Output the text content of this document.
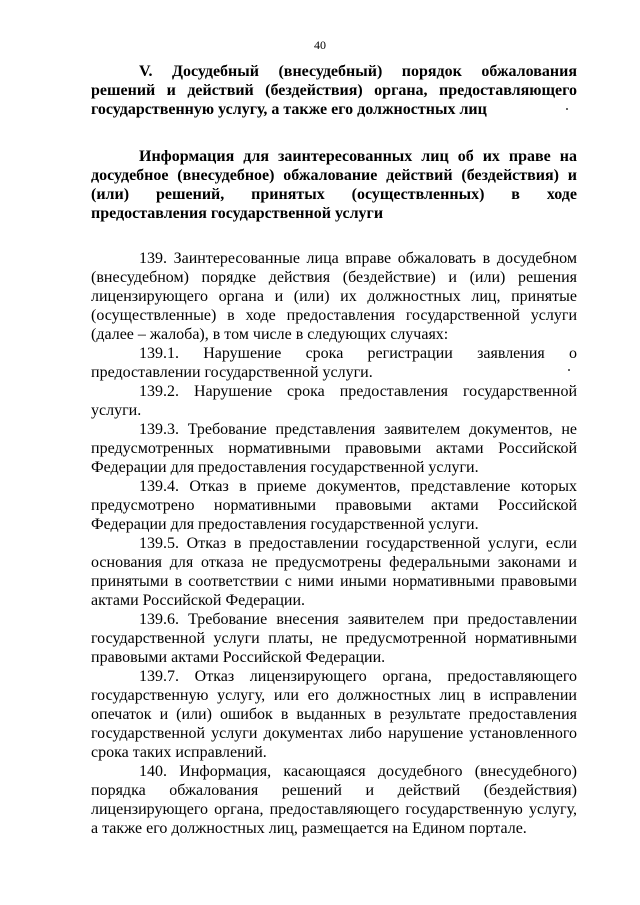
40

V. Досудебный (внесудебный) порядок обжалования решений и действий (бездействия) органа, предоставляющего государственную услугу, а также его должностных лиц

Информация для заинтересованных лиц об их праве на досудебное (внесудебное) обжалование действий (бездействия) и (или) решений, принятых (осуществленных) в ходе предоставления государственной услуги

139. Заинтересованные лица вправе обжаловать в досудебном (внесудебном) порядке действия (бездействие) и (или) решения лицензирующего органа и (или) их должностных лиц, принятые (осуществленные) в ходе предоставления государственной услуги (далее – жалоба), в том числе в следующих случаях:

139.1. Нарушение срока регистрации заявления о предоставлении государственной услуги.

139.2. Нарушение срока предоставления государственной услуги.

139.3. Требование представления заявителем документов, не предусмотренных нормативными правовыми актами Российской Федерации для предоставления государственной услуги.

139.4. Отказ в приеме документов, представление которых предусмотрено нормативными правовыми актами Российской Федерации для предоставления государственной услуги.

139.5. Отказ в предоставлении государственной услуги, если основания для отказа не предусмотрены федеральными законами и принятыми в соответствии с ними иными нормативными правовыми актами Российской Федерации.

139.6. Требование внесения заявителем при предоставлении государственной услуги платы, не предусмотренной нормативными правовыми актами Российской Федерации.

139.7. Отказ лицензирующего органа, предоставляющего государственную услугу, или его должностных лиц в исправлении опечаток и (или) ошибок в выданных в результате предоставления государственной услуги документах либо нарушение установленного срока таких исправлений.

140. Информация, касающаяся досудебного (внесудебного) порядка обжалования решений и действий (бездействия) лицензирующего органа, предоставляющего государственную услугу, а также его должностных лиц, размещается на Едином портале.
